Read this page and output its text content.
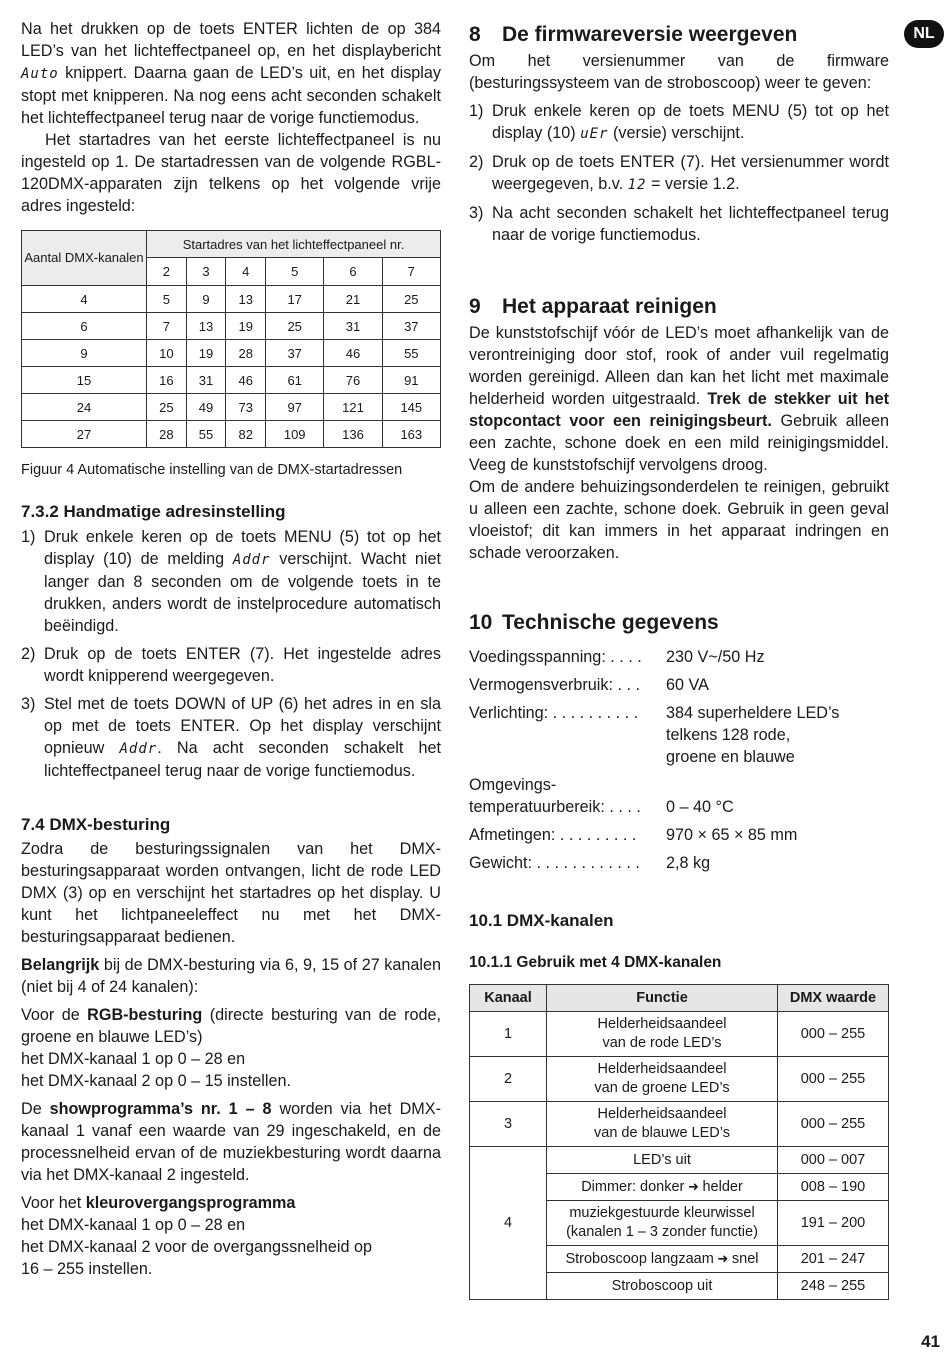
NL

Na het drukken op de toets ENTER lichten de op 384 LED’s van het lichteffectpaneel op, en het displaybericht Auto knippert. Daarna gaan de LED’s uit, en het display stopt met knipperen. Na nog eens acht seconden schakelt het lichteffectpaneel terug naar de vorige functiemodus.

Het startadres van het eerste lichteffectpaneel is nu ingesteld op 1. De startadressen van de volgende RGBL-120DMX-apparaten zijn telkens op het volgende vrije adres ingesteld:

Aantal DMX-kanalen	Startadres van het lichteffectpaneel nr.					
	2	3	4	5	6	7
4	5	9	13	17	21	25
6	7	13	19	25	31	37
9	10	19	28	37	46	55
15	16	31	46	61	76	91
24	25	49	73	97	121	145
27	28	55	82	109	136	163
Figuur 4 Automatische instelling van de DMX-startadressen
7.3.2 Handmatige adresinstelling
1) Druk enkele keren op de toets MENU (5) tot op het display (10) de melding Addr verschijnt. Wacht niet langer dan 8 seconden om de volgende toets in te drukken, anders wordt de instelprocedure automatisch beëindigd.
2) Druk op de toets ENTER (7). Het ingestelde adres wordt knipperend weergegeven.
3) Stel met de toets DOWN of UP (6) het adres in en sla op met de toets ENTER. Op het display verschijnt opnieuw Addr. Na acht seconden schakelt het lichteffectpaneel terug naar de vorige functiemodus.
7.4 DMX-besturing

Zodra de besturingssignalen van het DMX-besturingsapparaat worden ontvangen, licht de rode LED DMX (3) op en verschijnt het startadres op het display. U kunt het lichtpaneeleffect nu met het DMX-besturingsapparaat bedienen.

Belangrijk bij de DMX-besturing via 6, 9, 15 of 27 kanalen (niet bij 4 of 24 kanalen):

Voor de RGB-besturing (directe besturing van de rode, groene en blauwe LED’s)
het DMX-kanaal 1 op 0 – 28 en
het DMX-kanaal 2 op 0 – 15 instellen.

De showprogramma’s nr. 1 – 8 worden via het DMX-kanaal 1 vanaf een waarde van 29 ingeschakeld, en de processnelheid ervan of de muziekbesturing wordt daarna via het DMX-kanaal 2 ingesteld.

Voor het kleurovergangsprogramma
het DMX-kanaal 1 op 0 – 28 en
het DMX-kanaal 2 voor de overgangssnelheid op
16 – 255 instellen.

8 De firmwareversie weergeven

Om het versienummer van de firmware (besturingssysteem van de stroboscoop) weer te geven:

1) Druk enkele keren op de toets MENU (5) tot op het display (10) uEr (versie) verschijnt.
2) Druk op de toets ENTER (7). Het versienummer wordt weergegeven, b.v. 12 = versie 1.2.
3) Na acht seconden schakelt het lichteffectpaneel terug naar de vorige functiemodus.
9 Het apparaat reinigen

De kunststofschijf vóór de LED’s moet afhankelijk van de verontreiniging door stof, rook of ander vuil regelmatig worden gereinigd. Alleen dan kan het licht met maximale helderheid worden uitgestraald. Trek de stekker uit het stopcontact voor een reinigingsbeurt. Gebruik alleen een zachte, schone doek en een mild reinigingsmiddel. Veeg de kunststofschijf vervolgens droog.

Om de andere behuizingsonderdelen te reinigen, gebruikt u alleen een zachte, schone doek. Gebruik in geen geval vloeistof; dit kan immers in het apparaat indringen en schade veroorzaken.

10 Technische gegevens
Voedingsspanning: . . . .	230 V~/50 Hz
Vermogensverbruik: . . .	60 VA
Verlichting: . . . . . . . . . .	384 superheldere LED’s
telkens 128 rode,
groene en blauwe
Omgevings-
temperatuurbereik: . . . .	0 – 40 °C
Afmetingen: . . . . . . . . .	970 × 65 × 85 mm
Gewicht: . . . . . . . . . . . .	2,8 kg
10.1 DMX-kanalen
10.1.1 Gebruik met 4 DMX-kanalen
Kanaal	Functie	DMX waarde
1	Helderheidsaandeel
van de rode LED’s	000 – 255
2	Helderheidsaandeel
van de groene LED’s	000 – 255
3	Helderheidsaandeel
van de blauwe LED’s	000 – 255
4	LED’s uit	000 – 007
	Dimmer: donker ➜ helder	008 – 190

	muziekgestuurde kleurwissel
(kanalen 1 – 3 zonder functie)	191 – 200
	Stroboscoop langzaam ➜ snel	201 – 247
	Stroboscoop uit	248 – 255
41
